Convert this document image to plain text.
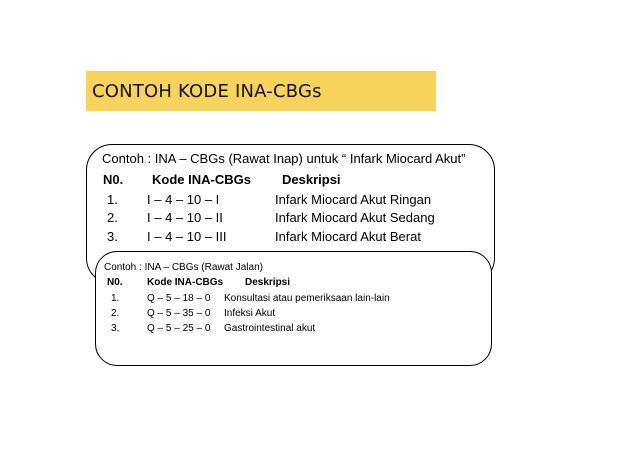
CONTOH KODE INA-CBGs
Contoh : INA – CBGs (Rawat Inap) untuk “ Infark Miocard Akut”
N0. Kode INA-CBGs Deskripsi
1. I – 4 – 10 – I	Infark Miocard Akut Ringan
2. I – 4 – 10 – II	Infark Miocard Akut Sedang
3. I – 4 – 10 – III	Infark Miocard Akut Berat
Contoh : INA – CBGs (Rawat Jalan)
N0. Kode INA-CBGs Deskripsi
1.	Q – 5 – 18 – 0 Konsultasi atau pemeriksaan lain-lain
2.	Q – 5 – 35 – 0 Infeksi Akut
3.	Q – 5 – 25 – 0 Gastrointestinal akut
